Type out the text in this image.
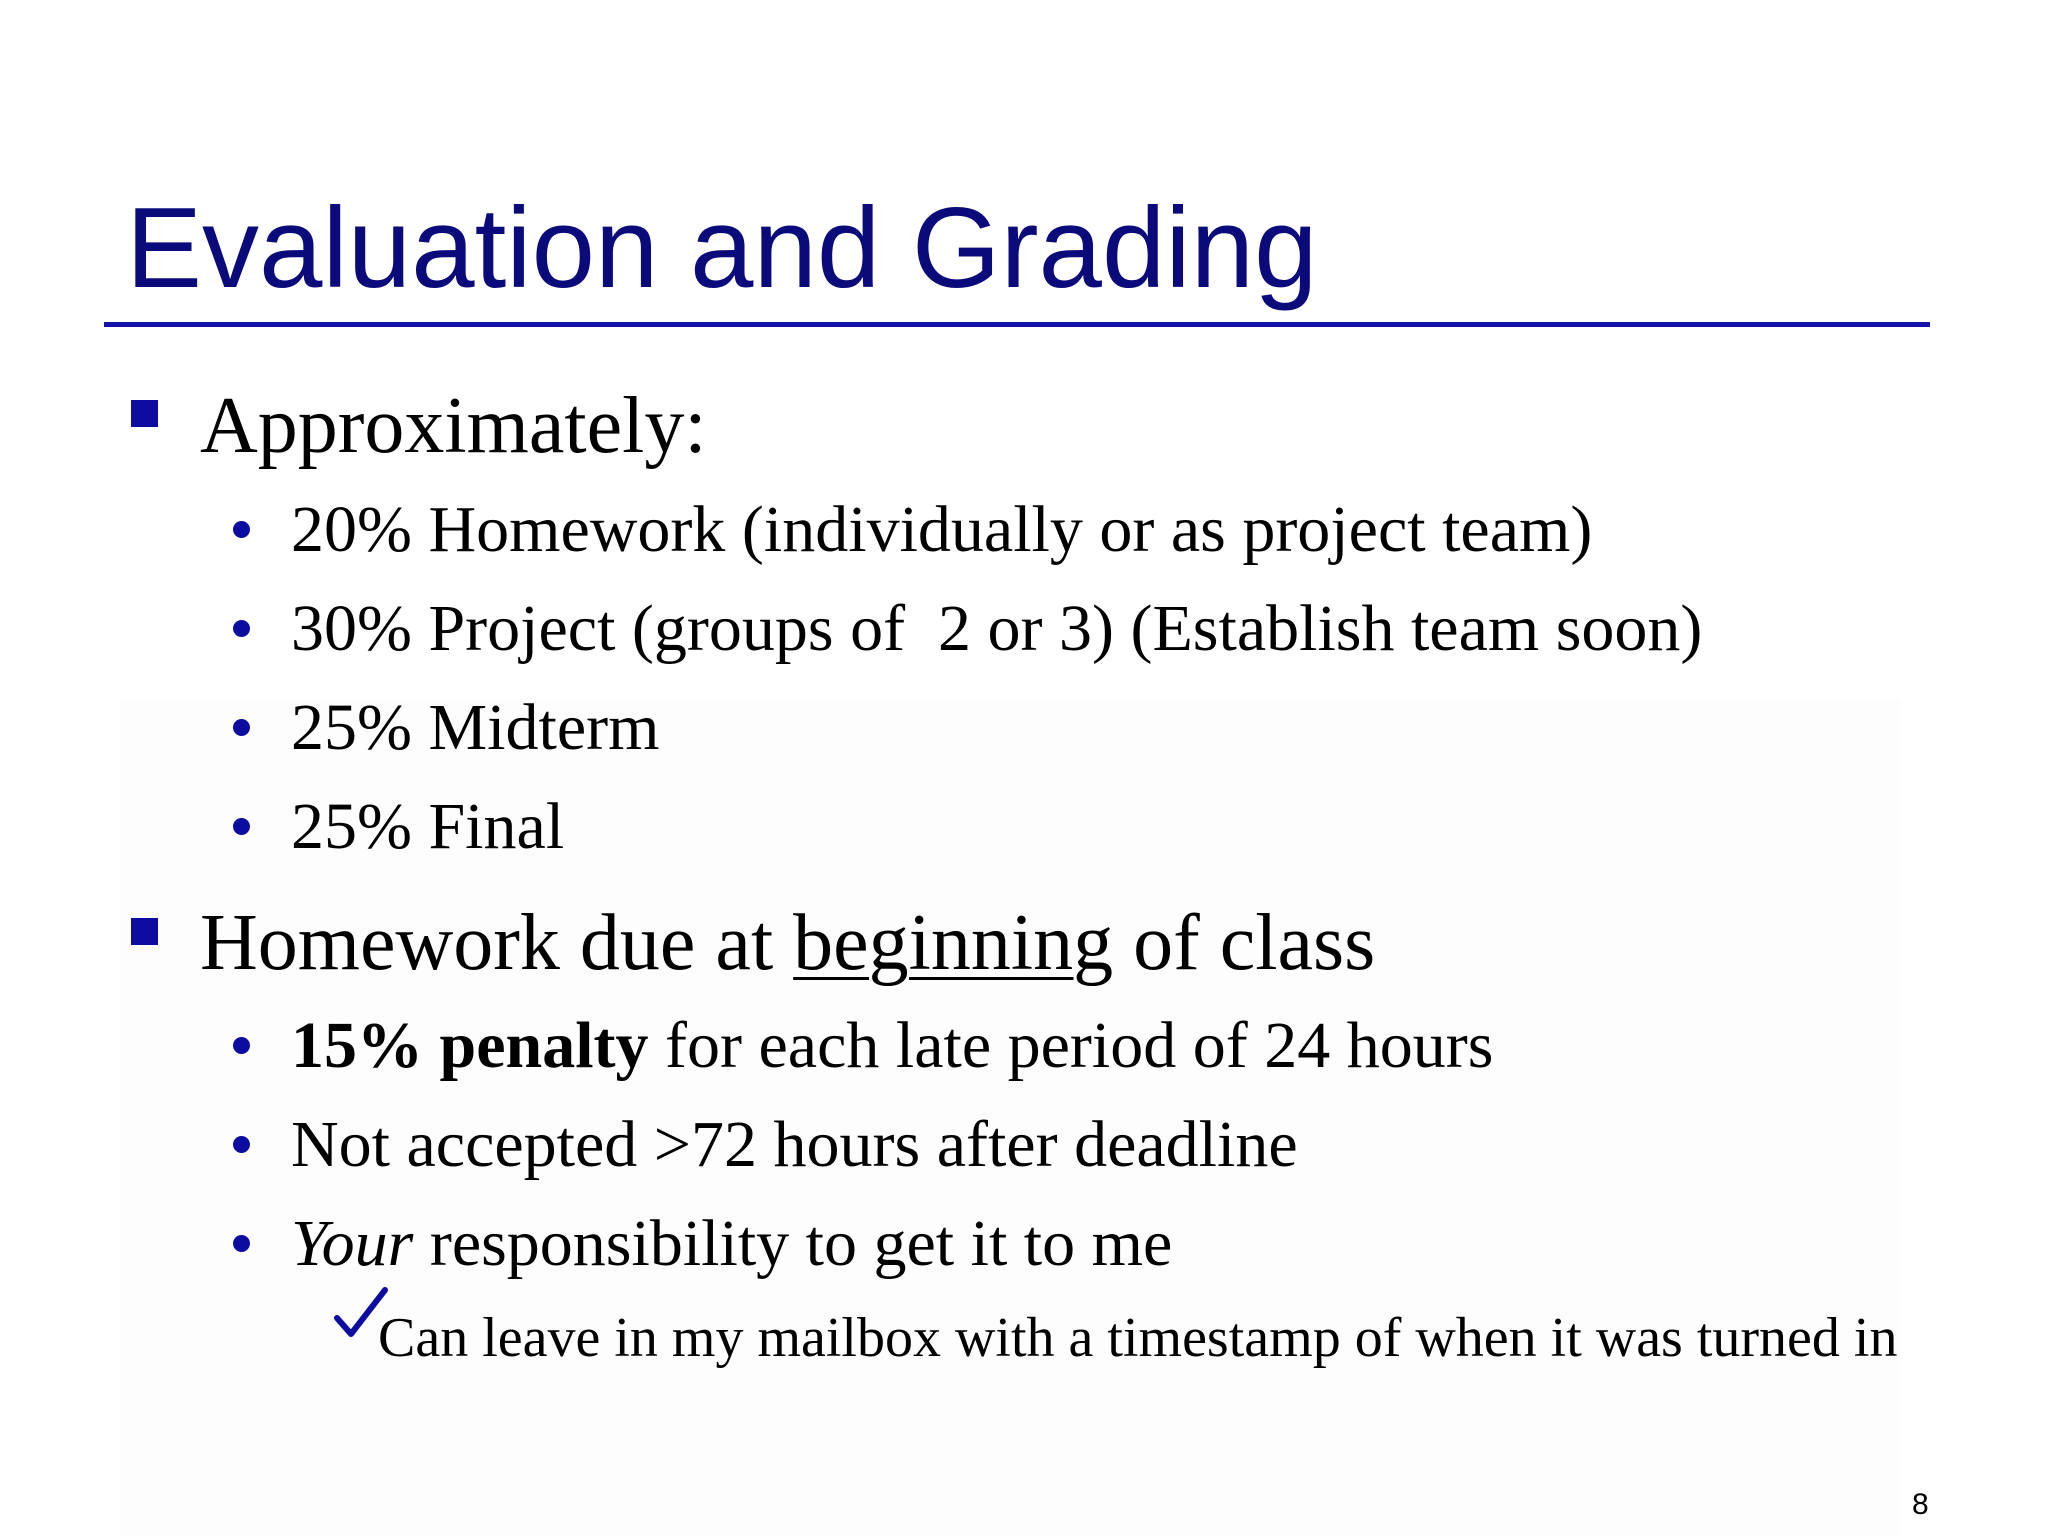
Evaluation and Grading
Approximately:
20% Homework (individually or as project team)
30% Project (groups of  2 or 3) (Establish team soon)
25% Midterm
25% Final
Homework due at beginning of class
15% penalty for each late period of 24 hours
Not accepted >72 hours after deadline
Your responsibility to get it to me
Can leave in my mailbox with a timestamp of when it was turned in
8
